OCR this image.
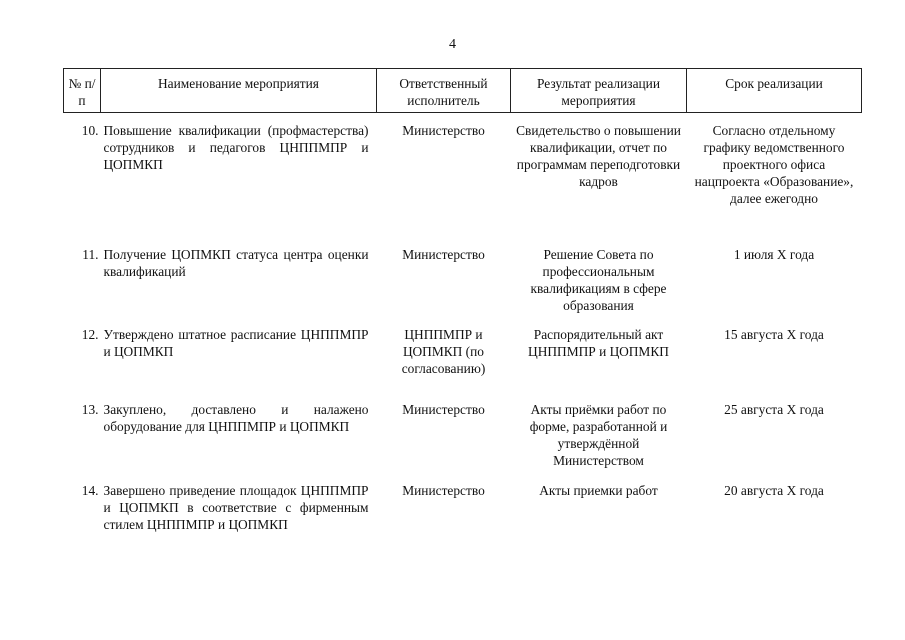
4
№ п/п	Наименование мероприятия	Ответственный исполнитель	Результат реализации мероприятия	Срок реализации
10.	Повышение квалификации (профмастерства) сотрудников и педагогов ЦНППМПР и ЦОПМКП	Министерство	Свидетельство о повышении квалификации, отчет по программам переподготовки кадров	Согласно отдельному графику ведомственного проектного офиса нацпроекта «Образование», далее ежегодно
11.	Получение ЦОПМКП статуса центра оценки квалификаций	Министерство	Решение Совета по профессиональным квалификациям в сфере образования	1 июля X года
12.	Утверждено штатное расписание ЦНППМПР и ЦОПМКП	ЦНППМПР и ЦОПМКП (по согласованию)	Распорядительный акт ЦНППМПР и ЦОПМКП	15 августа X года
13.	Закуплено, доставлено и налажено оборудование для ЦНППМПР и ЦОПМКП	Министерство	Акты приёмки работ по форме, разработанной и утверждённой Министерством	25 августа X года
14.	Завершено приведение площадок ЦНППМПР и ЦОПМКП в соответствие с фирменным стилем ЦНППМПР и ЦОПМКП	Министерство	Акты приемки работ	20 августа X года
